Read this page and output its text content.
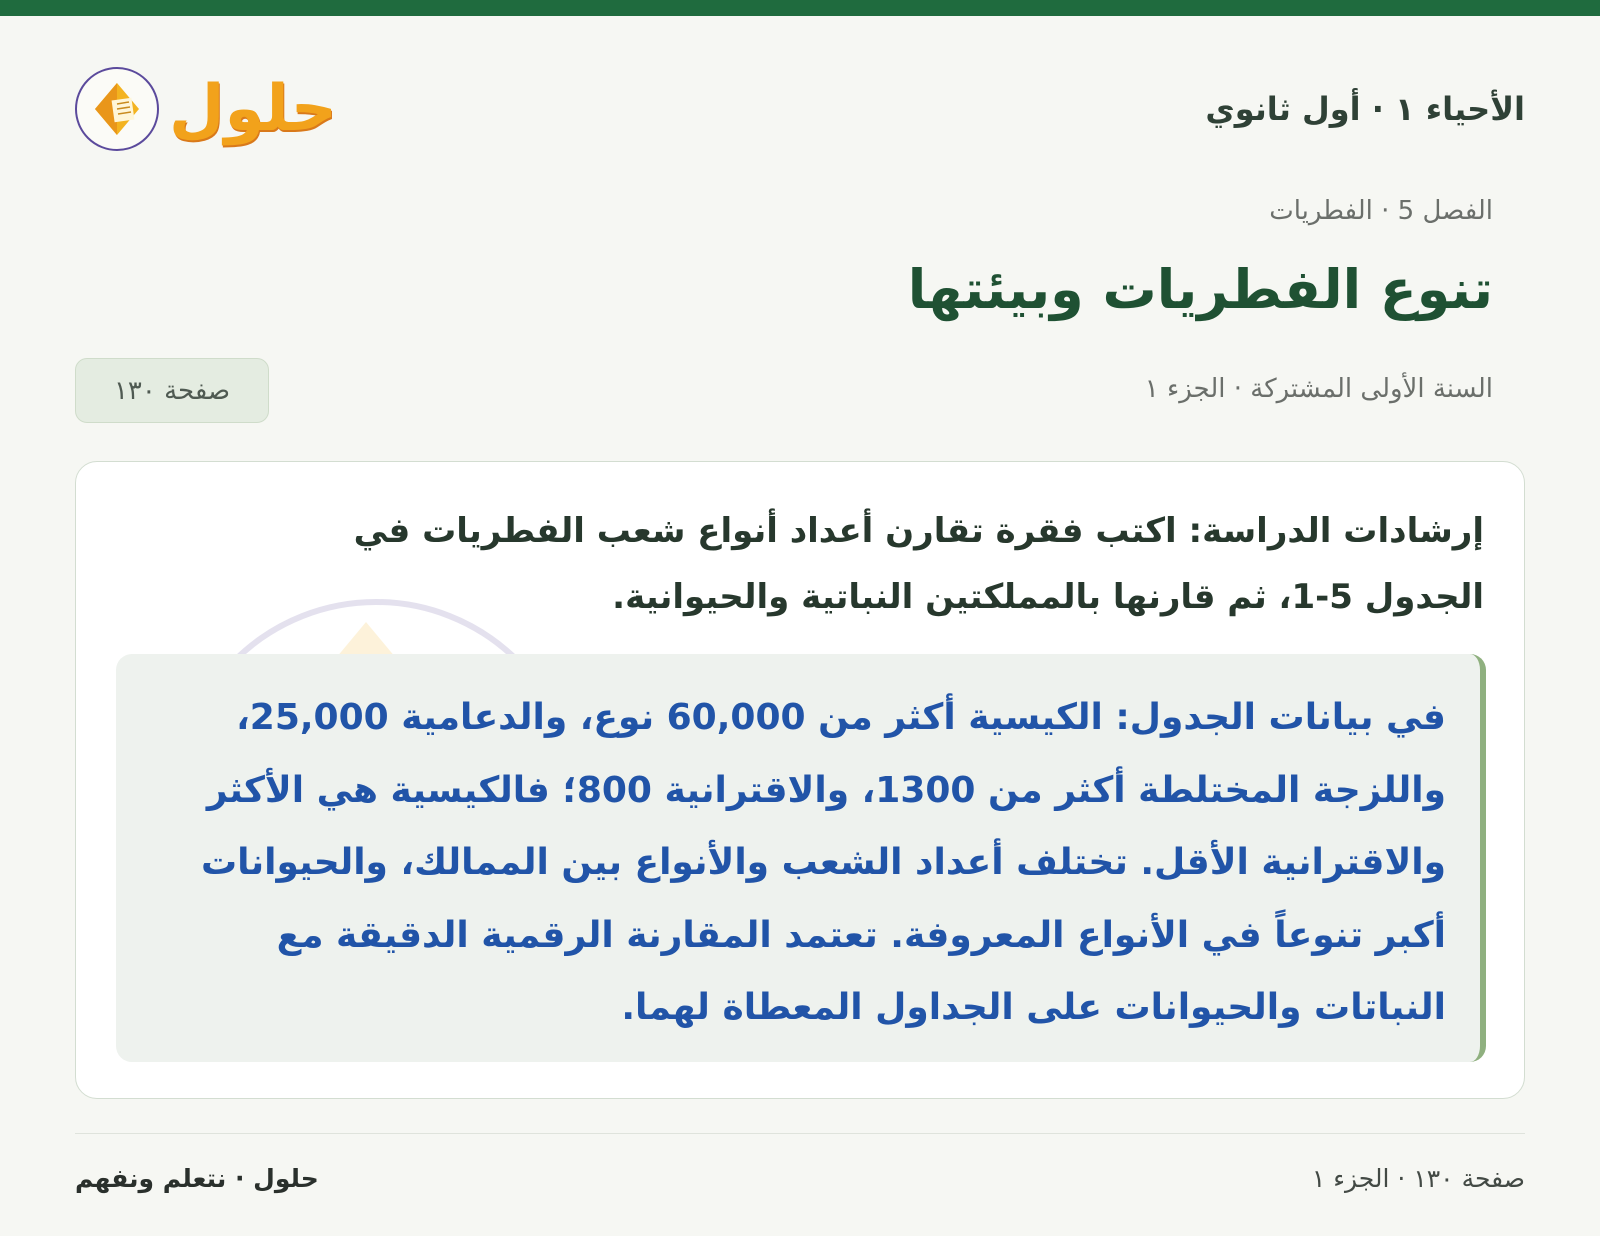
الأحياء ١ · أول ثانوي
حلول
الفصل 5 · الفطريات
تنوع الفطريات وبيئتها
السنة الأولى المشتركة · الجزء ١
صفحة ١٣٠
إرشادات الدراسة: اكتب فقرة تقارن أعداد أنواع شعب الفطريات في الجدول 5-1، ثم قارنها بالمملكتين النباتية والحيوانية.
في بيانات الجدول: الكيسية أكثر من 60,000 نوع، والدعامية 25,000، واللزجة المختلطة أكثر من 1300، والاقترانية 800؛ فالكيسية هي الأكثر والاقترانية الأقل. تختلف أعداد الشعب والأنواع بين الممالك، والحيوانات أكبر تنوعاً في الأنواع المعروفة. تعتمد المقارنة الرقمية الدقيقة مع النباتات والحيوانات على الجداول المعطاة لهما.
صفحة ١٣٠ · الجزء ١
حلول · نتعلم ونفهم
